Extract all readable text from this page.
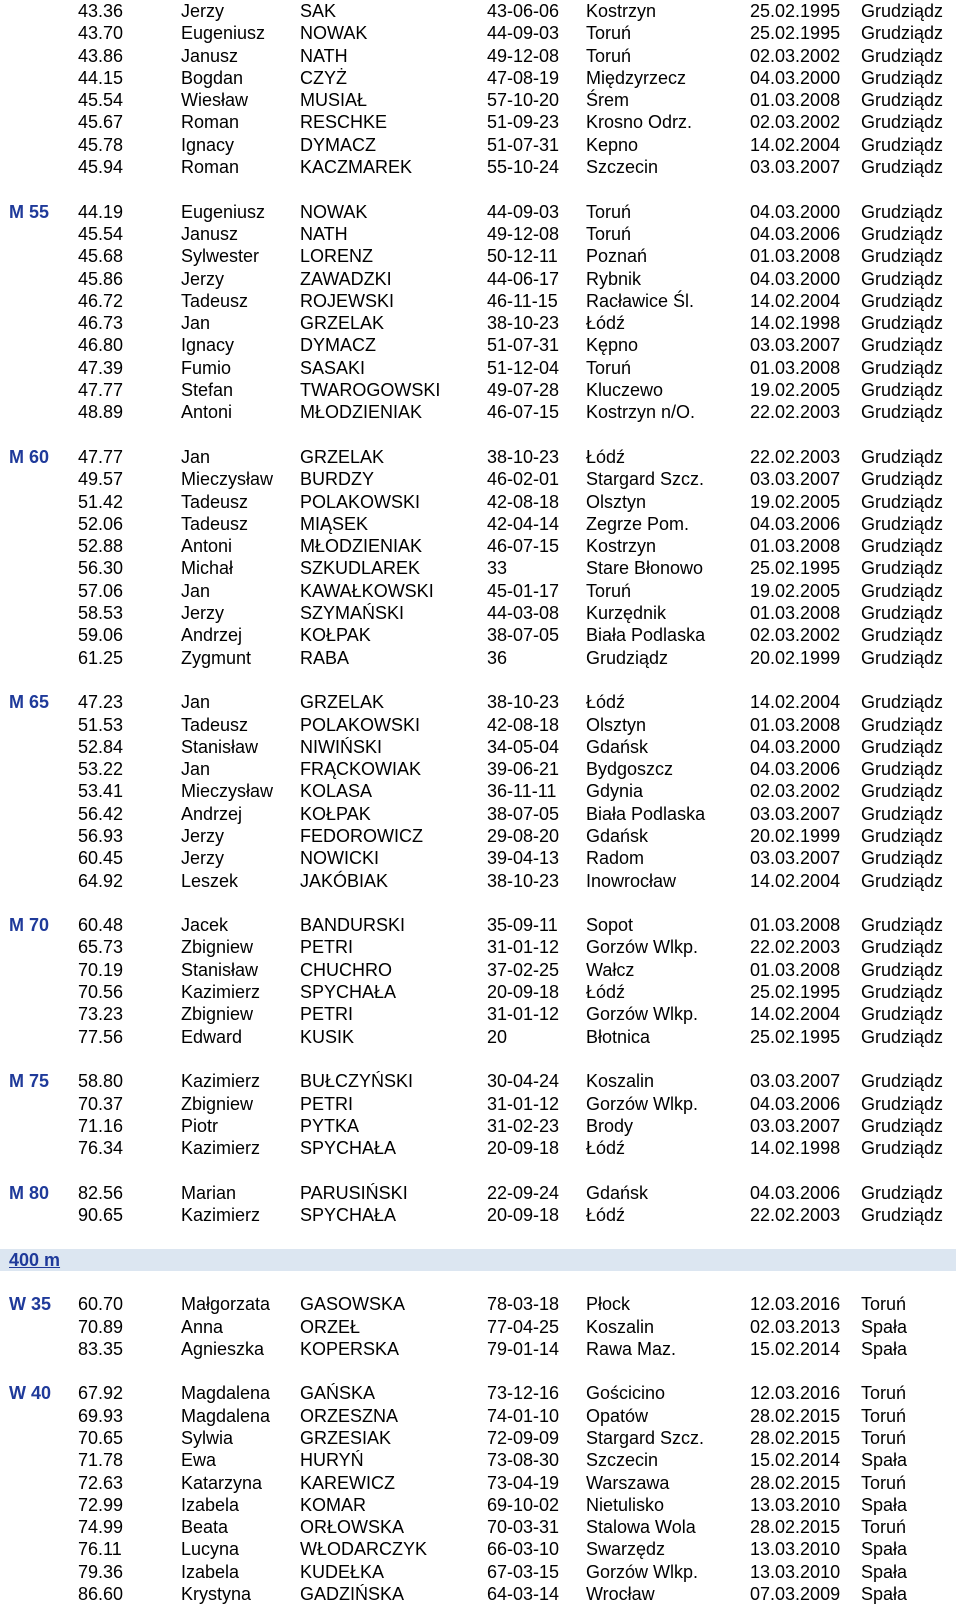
43.36	Jerzy	SAK	43-06-06 Kostrzyn	25.02.1995 Grudziądz
43.70	Eugeniusz NOWAK	44-09-03 Toruń	25.02.1995 Grudziądz
43.86	Janusz	NATH	49-12-08 Toruń	02.03.2002 Grudziądz
44.15	Bogdan	CZYŻ	47-08-19 Międzyrzecz	04.03.2000 Grudziądz
45.54	Wiesław	MUSIAŁ	57-10-20 Śrem	01.03.2008 Grudziądz
45.67	Roman	RESCHKE	51-09-23 Krosno Odrz.	02.03.2002 Grudziądz
45.78	Ignacy	DYMACZ	51-07-31 Kepno	14.02.2004 Grudziądz
45.94	Roman	KACZMAREK	55-10-24 Szczecin	03.03.2007 Grudziądz
M 55 44.19	Eugeniusz NOWAK	44-09-03 Toruń	04.03.2000 Grudziądz
45.54	Janusz	NATH	49-12-08 Toruń	04.03.2006 Grudziądz
45.68	Sylwester LORENZ	50-12-11 Poznań	01.03.2008 Grudziądz
45.86	Jerzy	ZAWADZKI	44-06-17 Rybnik	04.03.2000 Grudziądz
46.72	Tadeusz	ROJEWSKI	46-11-15 Racławice Śl.	14.02.2004 Grudziądz
46.73	Jan	GRZELAK	38-10-23 Łódź	14.02.1998 Grudziądz
46.80	Ignacy	DYMACZ	51-07-31 Kępno	03.03.2007 Grudziądz
47.39	Fumio	SASAKI	51-12-04 Toruń	01.03.2008 Grudziądz
47.77	Stefan	TWAROGOWSKI	49-07-28 Kluczewo	19.02.2005 Grudziądz
48.89	Antoni	MŁODZIENIAK	46-07-15 Kostrzyn n/O.	22.02.2003 Grudziądz
M 60 47.77	Jan	GRZELAK	38-10-23 Łódź	22.02.2003 Grudziądz
49.57	Mieczysław BURDZY	46-02-01 Stargard Szcz.	03.03.2007 Grudziądz
51.42	Tadeusz	POLAKOWSKI	42-08-18 Olsztyn	19.02.2005 Grudziądz
52.06	Tadeusz	MIĄSEK	42-04-14 Zegrze Pom.	04.03.2006 Grudziądz
52.88	Antoni	MŁODZIENIAK	46-07-15 Kostrzyn	01.03.2008 Grudziądz
56.30	Michał	SZKUDLAREK	33	Stare Błonowo	25.02.1995 Grudziądz
57.06	Jan	KAWAŁKOWSKI	45-01-17 Toruń	19.02.2005 Grudziądz
58.53	Jerzy	SZYMAŃSKI	44-03-08 Kurzędnik	01.03.2008 Grudziądz
59.06	Andrzej	KOŁPAK	38-07-05 Biała Podlaska 02.03.2002 Grudziądz
61.25	Zygmunt	RABA	36	Grudziądz	20.02.1999 Grudziądz
M 65 47.23	Jan	GRZELAK	38-10-23 Łódź	14.02.2004 Grudziądz
51.53	Tadeusz	POLAKOWSKI	42-08-18 Olsztyn	01.03.2008 Grudziądz
52.84	Stanisław NIWIŃSKI	34-05-04 Gdańsk	04.03.2000 Grudziądz
53.22	Jan	FRĄCKOWIAK	39-06-21 Bydgoszcz	04.03.2006 Grudziądz
53.41	Mieczysław KOLASA	36-11-11 Gdynia	02.03.2002 Grudziądz
56.42	Andrzej	KOŁPAK	38-07-05 Biała Podlaska 03.03.2007 Grudziądz
56.93	Jerzy	FEDOROWICZ	29-08-20 Gdańsk	20.02.1999 Grudziądz
60.45	Jerzy	NOWICKI	39-04-13 Radom	03.03.2007 Grudziądz
64.92	Leszek	JAKÓBIAK	38-10-23 Inowrocław	14.02.2004 Grudziądz
M 70 60.48	Jacek	BANDURSKI	35-09-11 Sopot	01.03.2008 Grudziądz
65.73	Zbigniew	PETRI	31-01-12 Gorzów Wlkp.	22.02.2003 Grudziądz
70.19	Stanisław CHUCHRO	37-02-25 Wałcz	01.03.2008 Grudziądz
70.56	Kazimierz SPYCHAŁA	20-09-18 Łódź	25.02.1995 Grudziądz
73.23	Zbigniew	PETRI	31-01-12 Gorzów Wlkp.	14.02.2004 Grudziądz
77.56	Edward	KUSIK	20	Błotnica	25.02.1995 Grudziądz
M 75 58.80	Kazimierz BUŁCZYŃSKI	30-04-24 Koszalin	03.03.2007 Grudziądz
70.37	Zbigniew	PETRI	31-01-12 Gorzów Wlkp.	04.03.2006 Grudziądz
71.16	Piotr	PYTKA	31-02-23 Brody	03.03.2007 Grudziądz
76.34	Kazimierz SPYCHAŁA	20-09-18 Łódź	14.02.1998 Grudziądz
M 80 82.56	Marian	PARUSIŃSKI	22-09-24 Gdańsk	04.03.2006 Grudziądz
90.65	Kazimierz SPYCHAŁA	20-09-18 Łódź	22.02.2003 Grudziądz
400 m
W 35 60.70	Małgorzata GASOWSKA	78-03-18 Płock	12.03.2016 Toruń
70.89	Anna	ORZEŁ	77-04-25 Koszalin	02.03.2013 Spała
83.35	Agnieszka KOPERSKA	79-01-14 Rawa Maz.	15.02.2014 Spała
W 40 67.92	Magdalena GAŃSKA	73-12-16 Gościcino	12.03.2016 Toruń
69.93	Magdalena ORZESZNA	74-01-10 Opatów	28.02.2015 Toruń
70.65	Sylwia	GRZESIAK	72-09-09 Stargard Szcz.	28.02.2015 Toruń
71.78	Ewa	HURYŃ	73-08-30 Szczecin	15.02.2014 Spała
72.63	Katarzyna KAREWICZ	73-04-19 Warszawa	28.02.2015 Toruń
72.99	Izabela	KOMAR	69-10-02 Nietulisko	13.03.2010 Spała
74.99	Beata	ORŁOWSKA	70-03-31 Stalowa Wola	28.02.2015 Toruń
76.11	Lucyna	WŁODARCZYK	66-03-10 Swarzędz	13.03.2010 Spała
79.36	Izabela	KUDEŁKA	67-03-15 Gorzów Wlkp.	13.03.2010 Spała
86.60	Krystyna	GADZIŃSKA	64-03-14 Wrocław	07.03.2009 Spała
